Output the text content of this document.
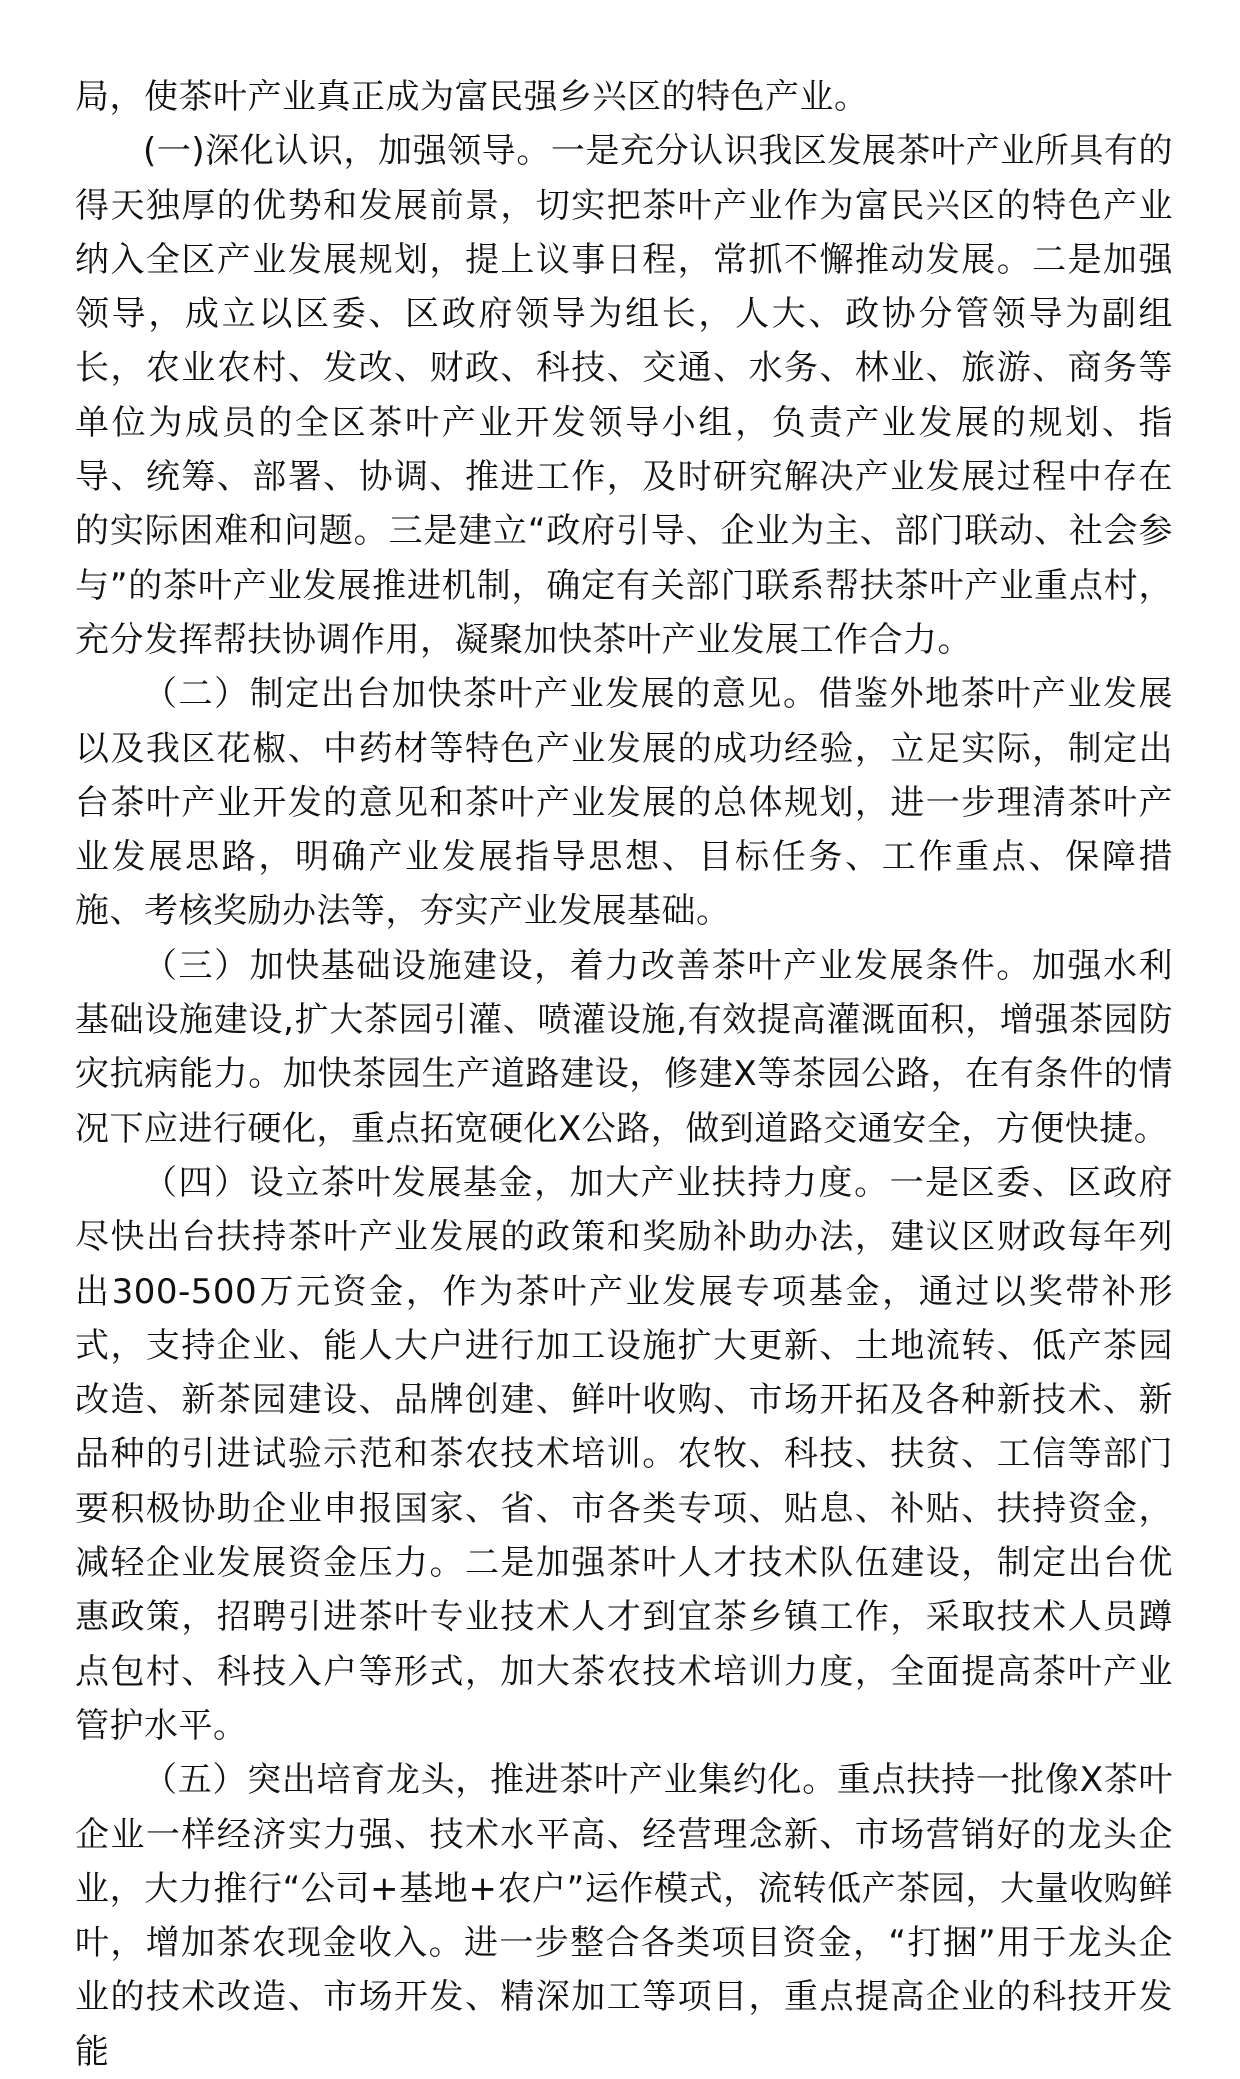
局，使茶叶产业真正成为富民强乡兴区的特色产业。

(一)深化认识，加强领导。一是充分认识我区发展茶叶产业所具有的得天独厚的优势和发展前景，切实把茶叶产业作为富民兴区的特色产业纳入全区产业发展规划，提上议事日程，常抓不懈推动发展。二是加强领导，成立以区委、区政府领导为组长，人大、政协分管领导为副组长，农业农村、发改、财政、科技、交通、水务、林业、旅游、商务等单位为成员的全区茶叶产业开发领导小组，负责产业发展的规划、指导、统筹、部署、协调、推进工作，及时研究解决产业发展过程中存在的实际困难和问题。三是建立“政府引导、企业为主、部门联动、社会参与”的茶叶产业发展推进机制，确定有关部门联系帮扶茶叶产业重点村，充分发挥帮扶协调作用，凝聚加快茶叶产业发展工作合力。

（二）制定出台加快茶叶产业发展的意见。借鉴外地茶叶产业发展以及我区花椒、中药材等特色产业发展的成功经验，立足实际，制定出台茶叶产业开发的意见和茶叶产业发展的总体规划，进一步理清茶叶产业发展思路，明确产业发展指导思想、目标任务、工作重点、保障措施、考核奖励办法等，夯实产业发展基础。

（三）加快基础设施建设，着力改善茶叶产业发展条件。加强水利基础设施建设,扩大茶园引灌、喷灌设施,有效提高灌溉面积，增强茶园防灾抗病能力。加快茶园生产道路建设，修建X等茶园公路，在有条件的情况下应进行硬化，重点拓宽硬化X公路，做到道路交通安全，方便快捷。

（四）设立茶叶发展基金，加大产业扶持力度。一是区委、区政府尽快出台扶持茶叶产业发展的政策和奖励补助办法，建议区财政每年列出300-500万元资金，作为茶叶产业发展专项基金，通过以奖带补形式，支持企业、能人大户进行加工设施扩大更新、土地流转、低产茶园改造、新茶园建设、品牌创建、鲜叶收购、市场开拓及各种新技术、新品种的引进试验示范和茶农技术培训。农牧、科技、扶贫、工信等部门要积极协助企业申报国家、省、市各类专项、贴息、补贴、扶持资金，减轻企业发展资金压力。二是加强茶叶人才技术队伍建设，制定出台优惠政策，招聘引进茶叶专业技术人才到宜茶乡镇工作，采取技术人员蹲点包村、科技入户等形式，加大茶农技术培训力度，全面提高茶叶产业管护水平。

（五）突出培育龙头，推进茶叶产业集约化。重点扶持一批像X茶叶企业一样经济实力强、技术水平高、经营理念新、市场营销好的龙头企业，大力推行“公司+基地+农户”运作模式，流转低产茶园，大量收购鲜叶，增加茶农现金收入。进一步整合各类项目资金，“打捆”用于龙头企业的技术改造、市场开发、精深加工等项目，重点提高企业的科技开发能
